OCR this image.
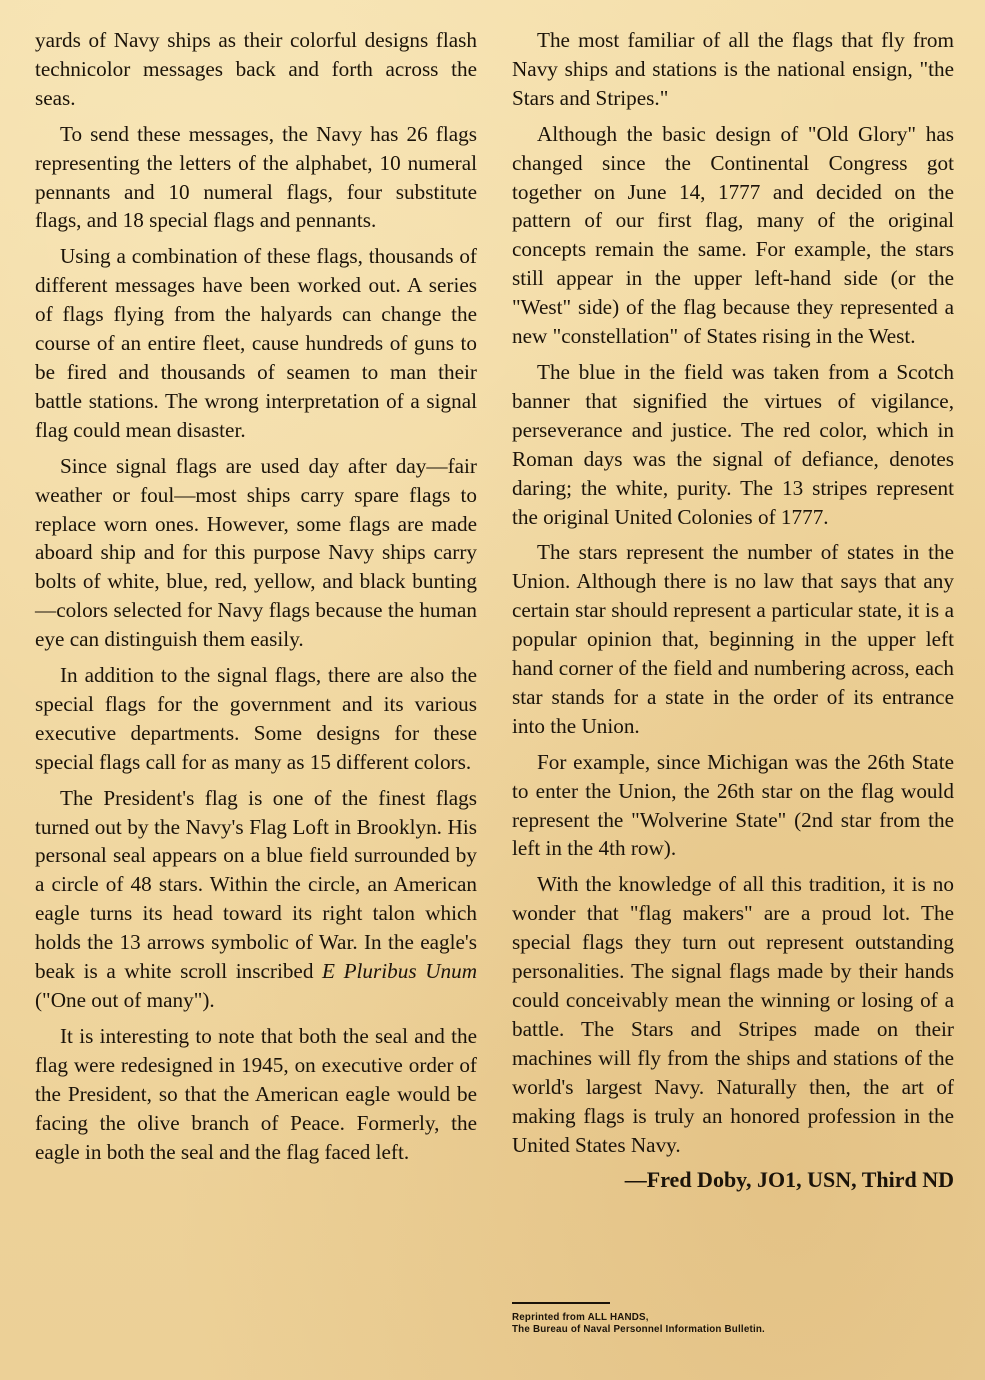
yards of Navy ships as their colorful designs flash technicolor messages back and forth across the seas.

To send these messages, the Navy has 26 flags representing the letters of the alphabet, 10 numeral pennants and 10 numeral flags, four substitute flags, and 18 special flags and pennants.

Using a combination of these flags, thousands of different messages have been worked out. A series of flags flying from the halyards can change the course of an entire fleet, cause hundreds of guns to be fired and thousands of seamen to man their battle stations. The wrong interpretation of a signal flag could mean disaster.

Since signal flags are used day after day—fair weather or foul—most ships carry spare flags to replace worn ones. However, some flags are made aboard ship and for this purpose Navy ships carry bolts of white, blue, red, yellow, and black bunting—colors selected for Navy flags because the human eye can distinguish them easily.

In addition to the signal flags, there are also the special flags for the government and its various executive departments. Some designs for these special flags call for as many as 15 different colors.

The President's flag is one of the finest flags turned out by the Navy's Flag Loft in Brooklyn. His personal seal appears on a blue field surrounded by a circle of 48 stars. Within the circle, an American eagle turns its head toward its right talon which holds the 13 arrows symbolic of War. In the eagle's beak is a white scroll inscribed E Pluribus Unum ("One out of many").

It is interesting to note that both the seal and the flag were redesigned in 1945, on executive order of the President, so that the American eagle would be facing the olive branch of Peace. Formerly, the eagle in both the seal and the flag faced left.

The most familiar of all the flags that fly from Navy ships and stations is the national ensign, "the Stars and Stripes."

Although the basic design of "Old Glory" has changed since the Continental Congress got together on June 14, 1777 and decided on the pattern of our first flag, many of the original concepts remain the same. For example, the stars still appear in the upper left-hand side (or the "West" side) of the flag because they represented a new "constellation" of States rising in the West.

The blue in the field was taken from a Scotch banner that signified the virtues of vigilance, perseverance and justice. The red color, which in Roman days was the signal of defiance, denotes daring; the white, purity. The 13 stripes represent the original United Colonies of 1777.

The stars represent the number of states in the Union. Although there is no law that says that any certain star should represent a particular state, it is a popular opinion that, beginning in the upper left hand corner of the field and numbering across, each star stands for a state in the order of its entrance into the Union.

For example, since Michigan was the 26th State to enter the Union, the 26th star on the flag would represent the "Wolverine State" (2nd star from the left in the 4th row).

With the knowledge of all this tradition, it is no wonder that "flag makers" are a proud lot. The special flags they turn out represent outstanding personalities. The signal flags made by their hands could conceivably mean the winning or losing of a battle. The Stars and Stripes made on their machines will fly from the ships and stations of the world's largest Navy. Naturally then, the art of making flags is truly an honored profession in the United States Navy.

—Fred Doby, JO1, USN, Third ND
Reprinted from ALL HANDS,
The Bureau of Naval Personnel Information Bulletin.
